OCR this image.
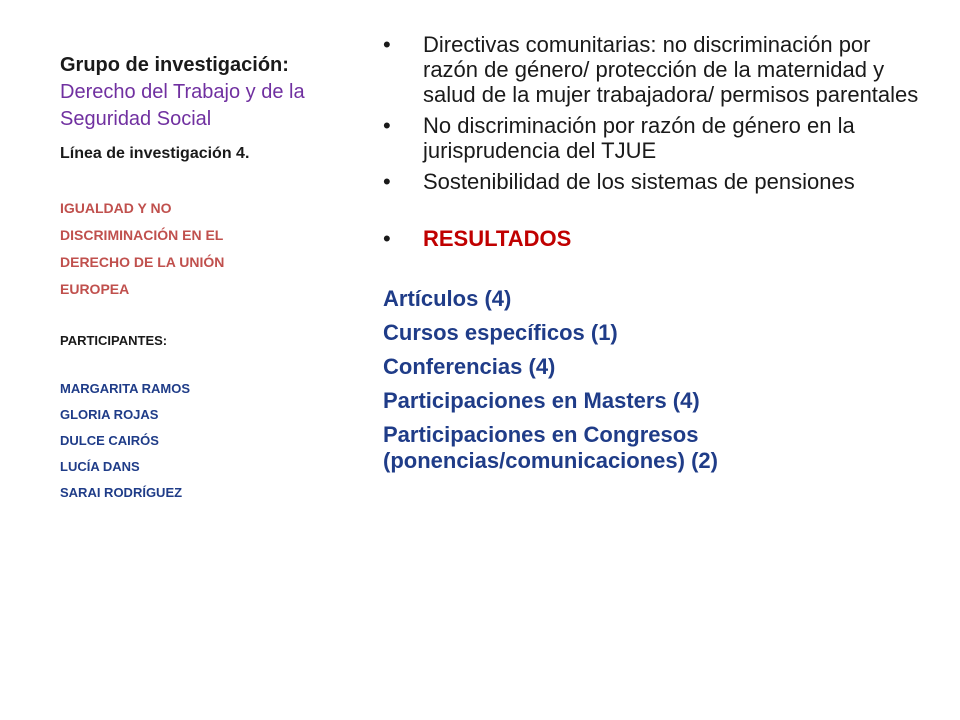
Grupo de investigación: Derecho del Trabajo y de la Seguridad Social

Línea de investigación 4.
IGUALDAD Y NO DISCRIMINACIÓN EN EL DERECHO DE LA UNIÓN EUROPEA
PARTICIPANTES:
MARGARITA RAMOS
GLORIA ROJAS
DULCE CAIRÓS
LUCÍA DANS
SARAI RODRÍGUEZ
• Directivas comunitarias: no discriminación por razón de género/ protección de la maternidad y salud de la mujer trabajadora/ permisos parentales
• No discriminación por razón de género en la jurisprudencia del TJUE
• Sostenibilidad de los sistemas de pensiones
• RESULTADOS
Artículos (4)
Cursos específicos (1)
Conferencias (4)
Participaciones en Masters (4)
Participaciones en Congresos (ponencias/comunicaciones) (2)
